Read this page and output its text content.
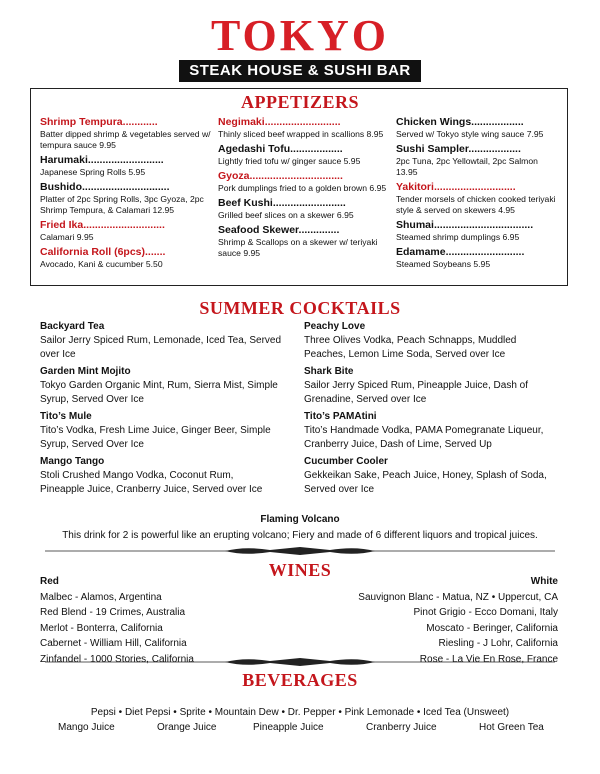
TOKYO
STEAK HOUSE & SUSHI BAR
APPETIZERS
Shrimp Tempura............
Batter dipped shrimp & vegetables served w/ tempura sauce 9.95
Harumaki..........................
Japanese Spring Rolls 5.95
Bushido..............................
Platter of 2pc Spring Rolls, 3pc Gyoza, 2pc Shrimp Tempura, & Calamari 12.95
Fried Ika............................
Calamari 9.95
California Roll (6pcs).......
Avocado, Kani & cucumber 5.50
Negimaki..........................
Thinly sliced beef wrapped in scallions 8.95
Agedashi Tofu..................
Lightly fried tofu w/ ginger sauce 5.95
Gyoza................................
Pork dumplings fried to a golden brown 6.95
Beef Kushi.........................
Grilled beef slices on a skewer 6.95
Seafood Skewer..............
Shrimp & Scallops on a skewer w/ teriyaki sauce 9.95
Chicken Wings..................
Served w/ Tokyo style wing sauce 7.95
Sushi Sampler..................
2pc Tuna, 2pc Yellowtail, 2pc Salmon 13.95
Yakitori............................
Tender morsels of chicken cooked teriyaki style & served on skewers 4.95
Shumai..................................
Steamed shrimp dumplings 6.95
Edamame...........................
Steamed Soybeans 5.95
SUMMER COCKTAILS
Backyard Tea
Sailor Jerry Spiced Rum, Lemonade, Iced Tea, Served over Ice
Garden Mint Mojito
Tokyo Garden Organic Mint, Rum, Sierra Mist, Simple Syrup, Served Over Ice
Tito’s Mule
Tito’s Vodka, Fresh Lime Juice, Ginger Beer, Simple Syrup, Served Over Ice
Mango Tango
Stoli Crushed Mango Vodka, Coconut Rum, Pineapple Juice, Cranberry Juice, Served over Ice
Peachy Love
Three Olives Vodka, Peach Schnapps, Muddled Peaches, Lemon Lime Soda, Served over Ice
Shark Bite
Sailor Jerry Spiced Rum, Pineapple Juice, Dash of Grenadine, Served over Ice
Tito’s PAMAtini
Tito’s Handmade Vodka, PAMA Pomegranate Liqueur, Cranberry Juice, Dash of Lime, Served Up
Cucumber Cooler
Gekkeikan Sake, Peach Juice, Honey, Splash of Soda, Served over Ice
Flaming Volcano
This drink for 2 is powerful like an erupting volcano; Fiery and made of 6 different liquors and tropical juices.
WINES
Red
Malbec - Alamos, Argentina
Red Blend - 19 Crimes, Australia
Merlot - Bonterra, California
Cabernet - William Hill, California
Zinfandel - 1000 Stories, California
White
Sauvignon Blanc - Matua, NZ • Uppercut, CA
Pinot Grigio - Ecco Domani, Italy
Moscato - Beringer, California
Riesling - J Lohr, California
Rose - La Vie En Rose, France
BEVERAGES
Pepsi • Diet Pepsi • Sprite • Mountain Dew • Dr. Pepper • Pink Lemonade • Iced Tea (Unsweet)
Mango Juice	Orange Juice	Pineapple Juice	Cranberry Juice	Hot Green Tea
